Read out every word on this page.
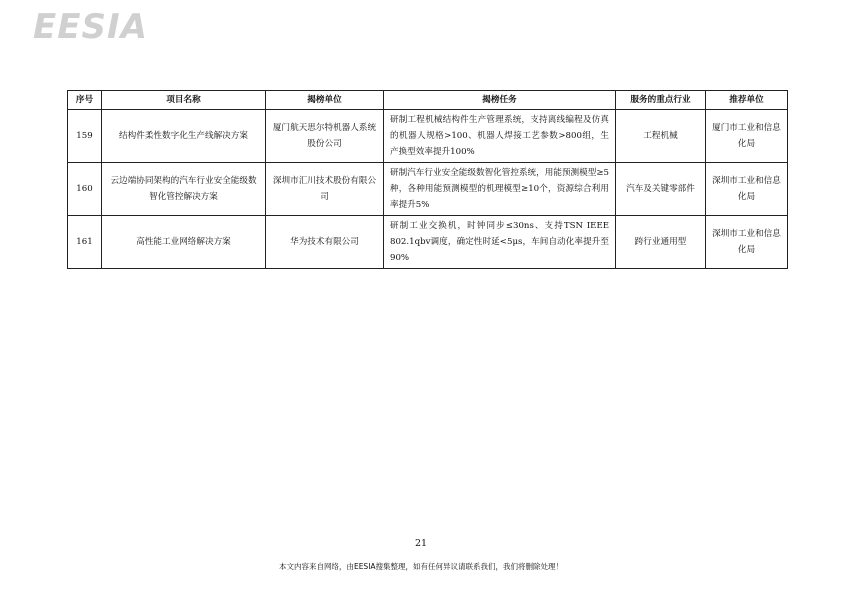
EESIA
序号	项目名称	揭榜单位	揭榜任务	服务的重点行业	推荐单位
159	结构件柔性数字化生产线解决方案	厦门航天思尔特机器人系统股份公司	研制工程机械结构件生产管理系统，支持离线编程及仿真的机器人规格>100、机器人焊接工艺参数>800组，生产换型效率提升100%	工程机械	厦门市工业和信息化局
160	云边端协同架构的汽车行业安全能级数智化管控解决方案	深圳市汇川技术股份有限公司	研制汽车行业安全能级数智化管控系统，用能预测模型≥5种，各种用能预测模型的机理模型≥10个，资源综合利用率提升5%	汽车及关键零部件	深圳市工业和信息化局
161	高性能工业网络解决方案	华为技术有限公司	研制工业交换机，时钟同步≤30ns、支持TSN IEEE 802.1qbv调度，确定性时延<5μs，车间自动化率提升至90%	跨行业通用型	深圳市工业和信息化局
21
本文内容来自网络，由EESIA搜集整理，如有任何异议请联系我们，我们将删除处理！
